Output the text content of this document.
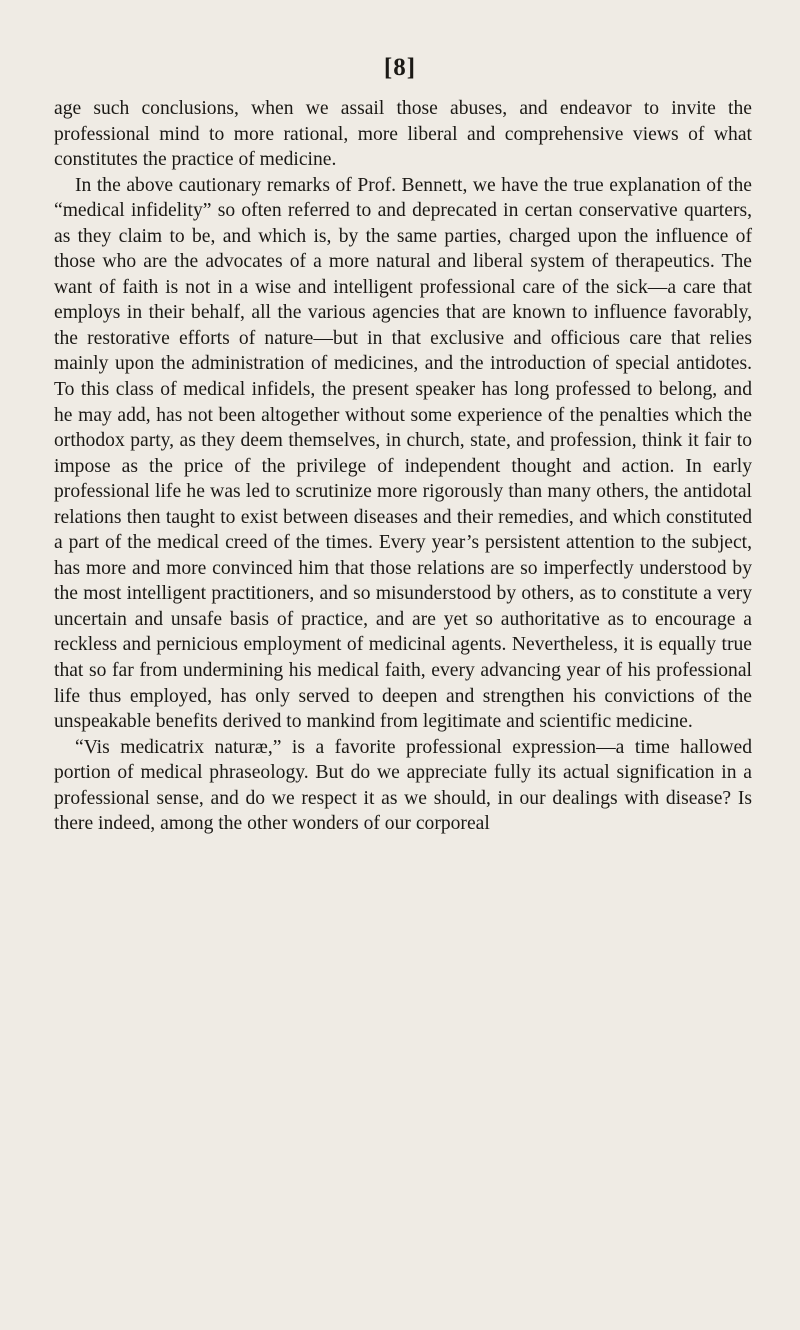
[8]

age such conclusions, when we assail those abuses, and endeavor to invite the professional mind to more rational, more liberal and comprehensive views of what constitutes the practice of medicine.

In the above cautionary remarks of Prof. Bennett, we have the true explanation of the “medical infidelity” so often referred to and deprecated in certan conservative quarters, as they claim to be, and which is, by the same parties, charged upon the influence of those who are the advocates of a more natural and liberal system of therapeutics. The want of faith is not in a wise and intelligent professional care of the sick—a care that employs in their behalf, all the various agencies that are known to influence favorably, the restorative efforts of nature—but in that exclusive and officious care that relies mainly upon the administration of medicines, and the introduction of special antidotes. To this class of medical infidels, the present speaker has long professed to belong, and he may add, has not been altogether without some experience of the penalties which the orthodox party, as they deem themselves, in church, state, and profession, think it fair to impose as the price of the privilege of independent thought and action. In early professional life he was led to scrutinize more rigorously than many others, the antidotal relations then taught to exist between diseases and their remedies, and which constituted a part of the medical creed of the times. Every year’s persistent attention to the subject, has more and more convinced him that those relations are so imperfectly understood by the most intelligent practitioners, and so misunderstood by others, as to constitute a very uncertain and unsafe basis of practice, and are yet so authoritative as to encourage a reckless and pernicious employment of medicinal agents. Nevertheless, it is equally true that so far from undermining his medical faith, every advancing year of his professional life thus employed, has only served to deepen and strengthen his convictions of the unspeakable benefits derived to mankind from legitimate and scientific medicine.

“Vis medicatrix naturæ,” is a favorite professional expression—a time hallowed portion of medical phraseology. But do we appreciate fully its actual signification in a professional sense, and do we respect it as we should, in our dealings with disease? Is there indeed, among the other wonders of our corporeal
